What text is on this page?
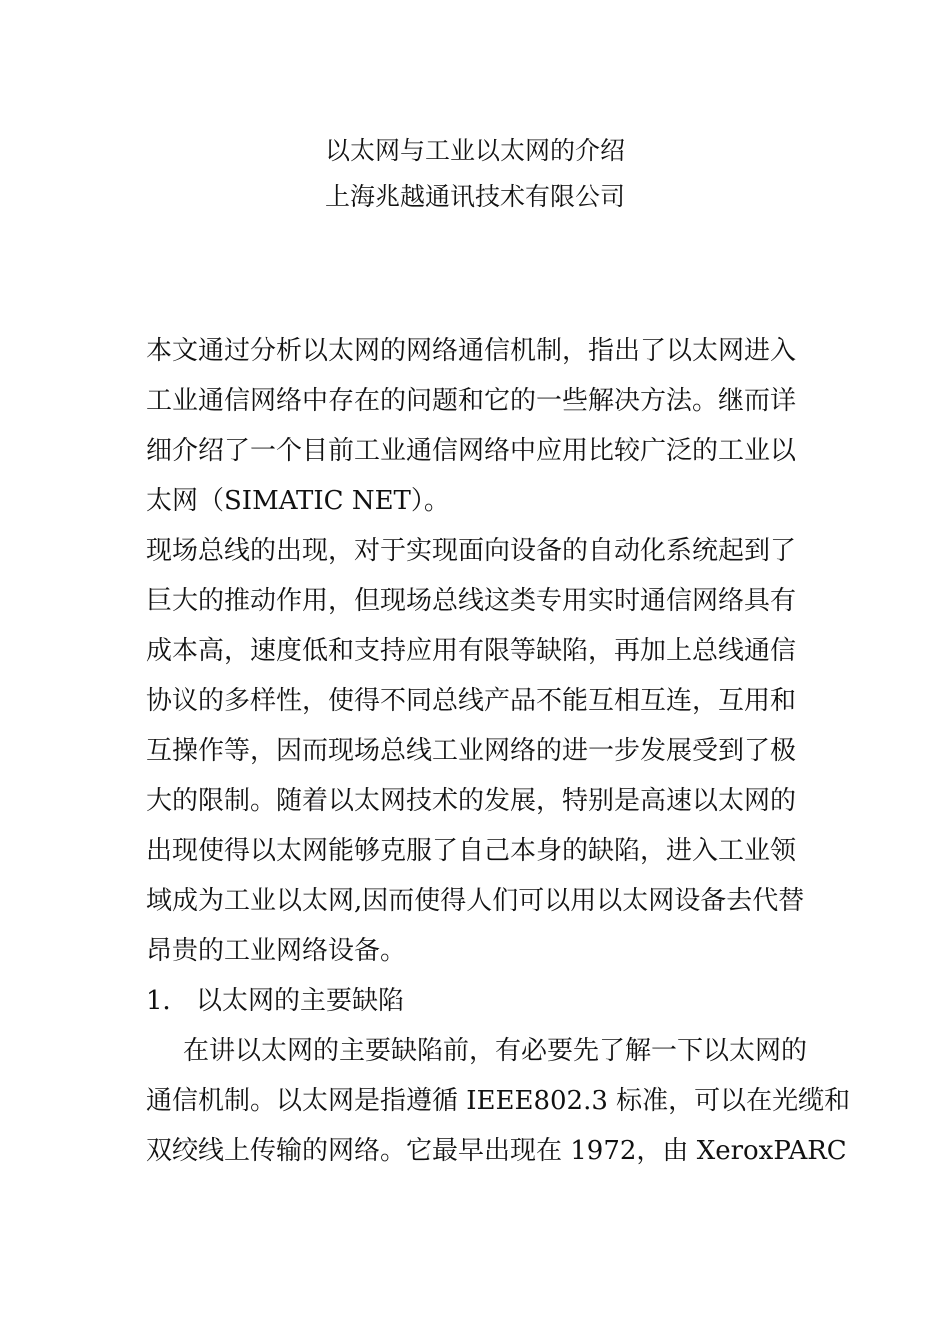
以太网与工业以太网的介绍
上海兆越通讯技术有限公司
本文通过分析以太网的网络通信机制，指出了以太网进入
工业通信网络中存在的问题和它的一些解决方法。继而详
细介绍了一个目前工业通信网络中应用比较广泛的工业以
太网（SIMATIC NET）。
现场总线的出现，对于实现面向设备的自动化系统起到了
巨大的推动作用，但现场总线这类专用实时通信网络具有
成本高，速度低和支持应用有限等缺陷，再加上总线通信
协议的多样性，使得不同总线产品不能互相互连，互用和
互操作等，因而现场总线工业网络的进一步发展受到了极
大的限制。随着以太网技术的发展，特别是高速以太网的
出现使得以太网能够克服了自己本身的缺陷，进入工业领
域成为工业以太网,因而使得人们可以用以太网设备去代替
昂贵的工业网络设备。
1． 以太网的主要缺陷
在讲以太网的主要缺陷前，有必要先了解一下以太网的
通信机制。以太网是指遵循 IEEE802.3 标准，可以在光缆和
双绞线上传输的网络。它最早出现在 1972，由 XeroxPARC
